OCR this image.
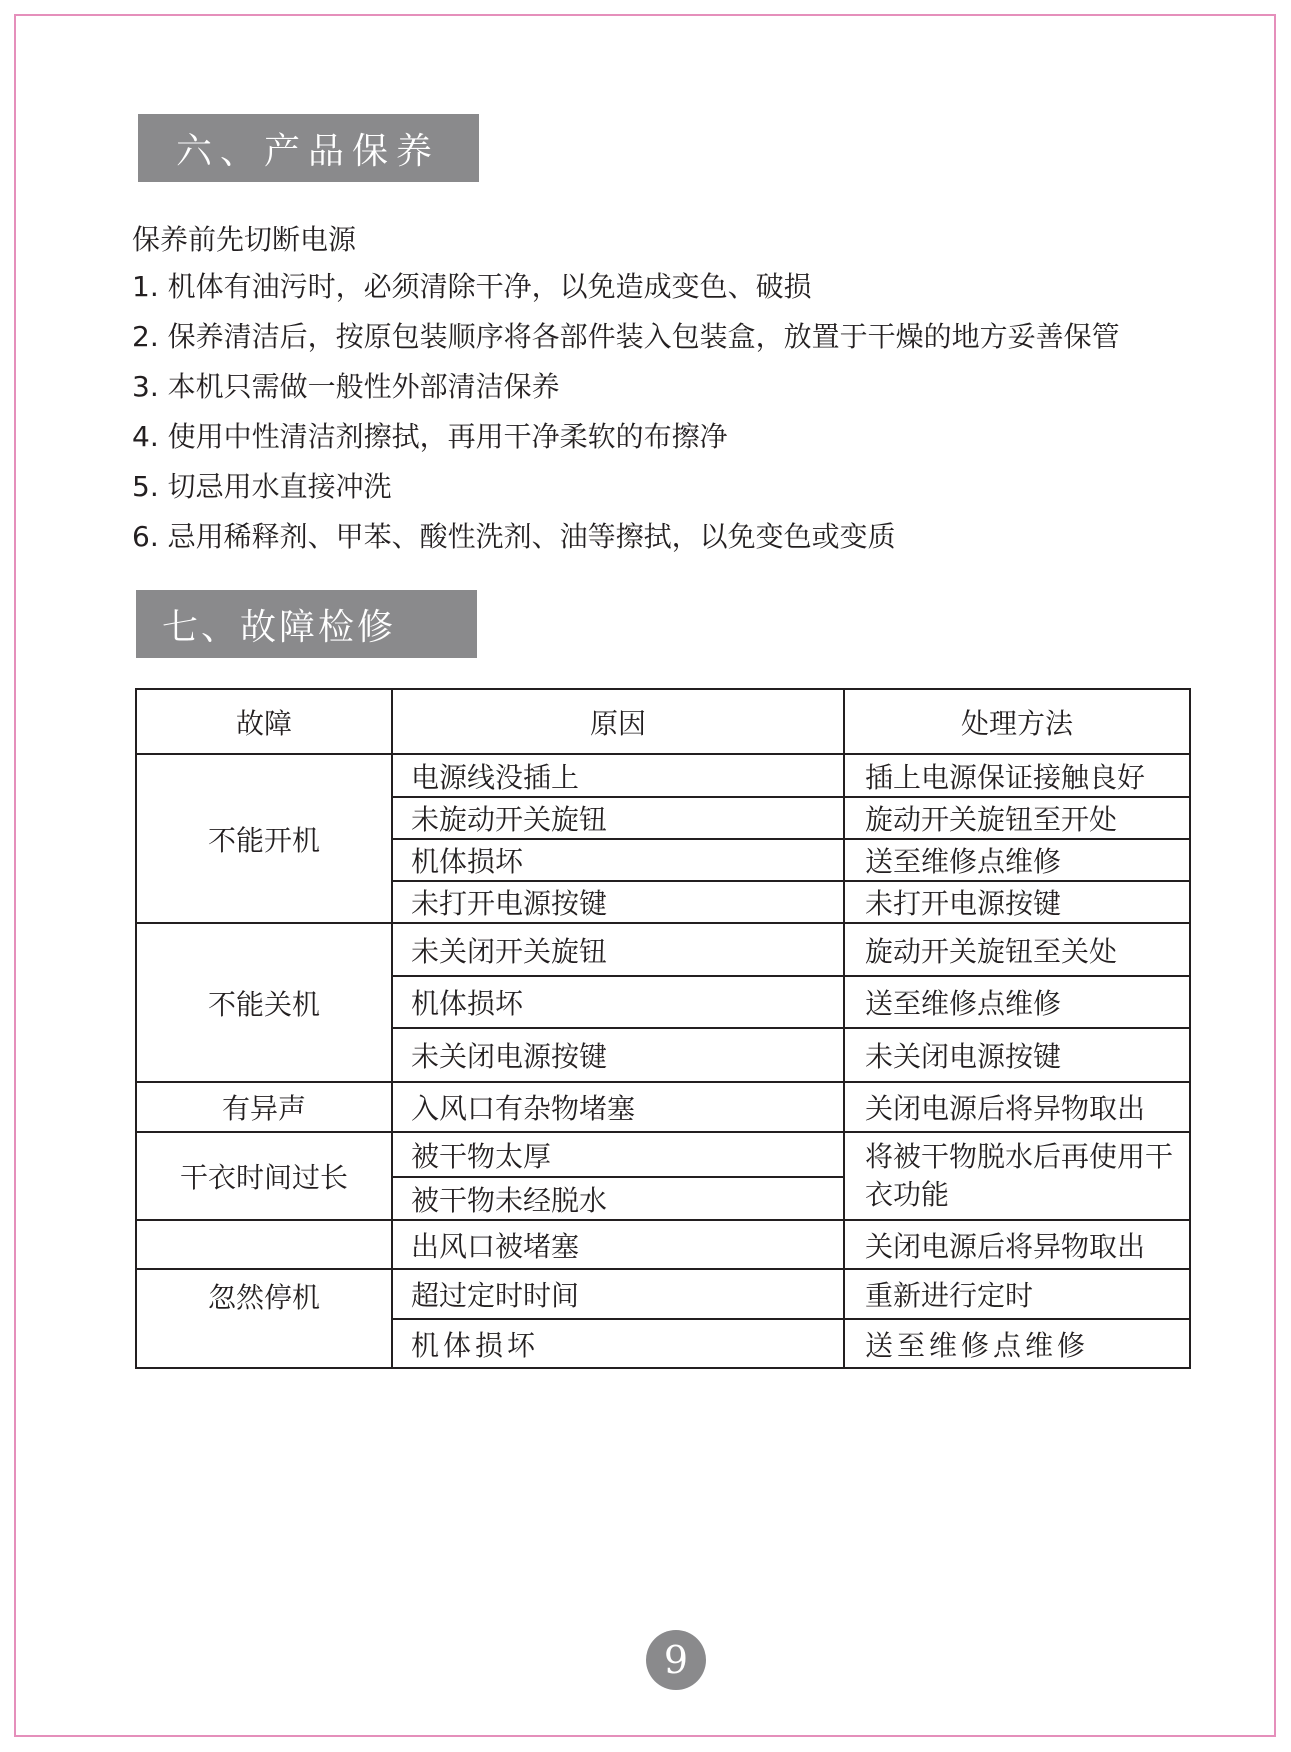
六、产品保养
保养前先切断电源
1. 机体有油污时，必须清除干净，以免造成变色、破损
2. 保养清洁后，按原包装顺序将各部件装入包装盒，放置于干燥的地方妥善保管
3. 本机只需做一般性外部清洁保养
4. 使用中性清洁剂擦拭，再用干净柔软的布擦净
5. 切忌用水直接冲洗
6. 忌用稀释剂、甲苯、酸性洗剂、油等擦拭，以免变色或变质
七、故障检修
故障	原因	处理方法
不能开机	电源线没插上	插上电源保证接触良好
	未旋动开关旋钮	旋动开关旋钮至开处
	机体损坏	送至维修点维修
	未打开电源按键	未打开电源按键
不能关机	未关闭开关旋钮	旋动开关旋钮至关处
	机体损坏	送至维修点维修
	未关闭电源按键	未关闭电源按键
有异声	入风口有杂物堵塞	关闭电源后将异物取出
干衣时间过长	被干物太厚	将被干物脱水后再使用干衣功能
	被干物未经脱水	
	出风口被堵塞	关闭电源后将异物取出
忽然停机	超过定时时间	重新进行定时
	机体损坏	送至维修点维修
9
